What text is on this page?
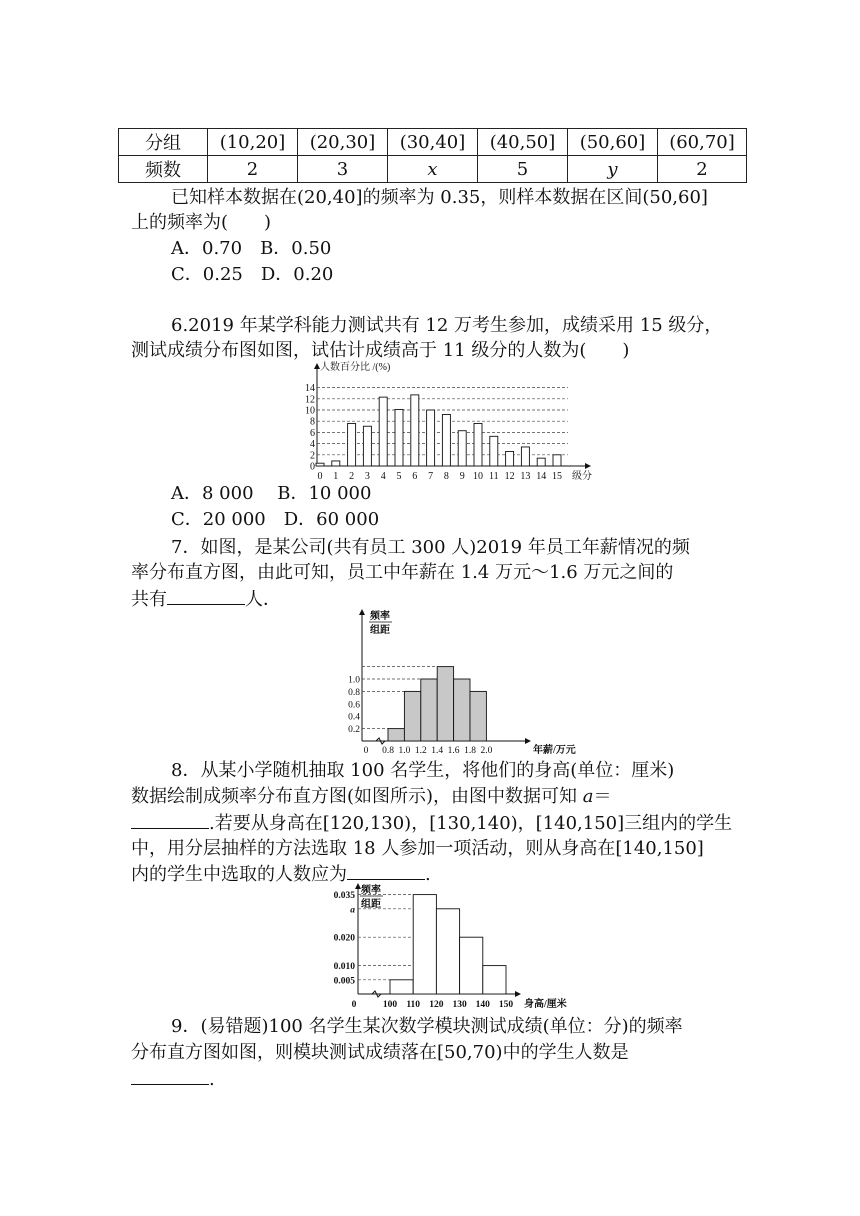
分组	(10,20]	(20,30]	(30,40]	(40,50]	(50,60]	(60,70]
频数	2	3	x	5	y	2
已知样本数据在(20,40]的频率为 0.35，则样本数据在区间(50,60]
上的频率为(　　)
A．0.70　B．0.50
C．0.25　D．0.20
6.2019 年某学科能力测试共有 12 万考生参加，成绩采用 15 级分，
测试成绩分布图如图，试估计成绩高于 11 级分的人数为(　　)
人数百分比 /(%)
0
2
4
6
8
10
12
14
0 1 2 3 4 5 6 7 8 9 10 11 12 13 14 15 级分
A．8 000　 B．10 000
C．20 000　D．60 000
7．如图，是某公司(共有员工 300 人)2019 年员工年薪情况的频
率分布直方图，由此可知，员工中年薪在 1.4 万元～1.6 万元之间的
共有	人．
频率
组距
0.2
0.4
0.6
0.8
1.0
0 0.8 1.0 1.2 1.4 1.6 1.8 2.0	年薪/万元
8．从某小学随机抽取 100 名学生，将他们的身高(单位：厘米)
数据绘制成频率分布直方图(如图所示)，由图中数据可知 a＝
.若要从身高在[120,130)，[130,140)，[140,150]三组内的学生
中，用分层抽样的方法选取 18 人参加一项活动，则从身高在[140,150]
内的学生中选取的人数应为	.
频率
组距
0.005
0.010
0.020
a
0.035
0	100 110 120 130 140 150 身高/厘米
9．(易错题)100 名学生某次数学模块测试成绩(单位：分)的频率
分布直方图如图，则模块测试成绩落在[50,70)中的学生人数是
.
